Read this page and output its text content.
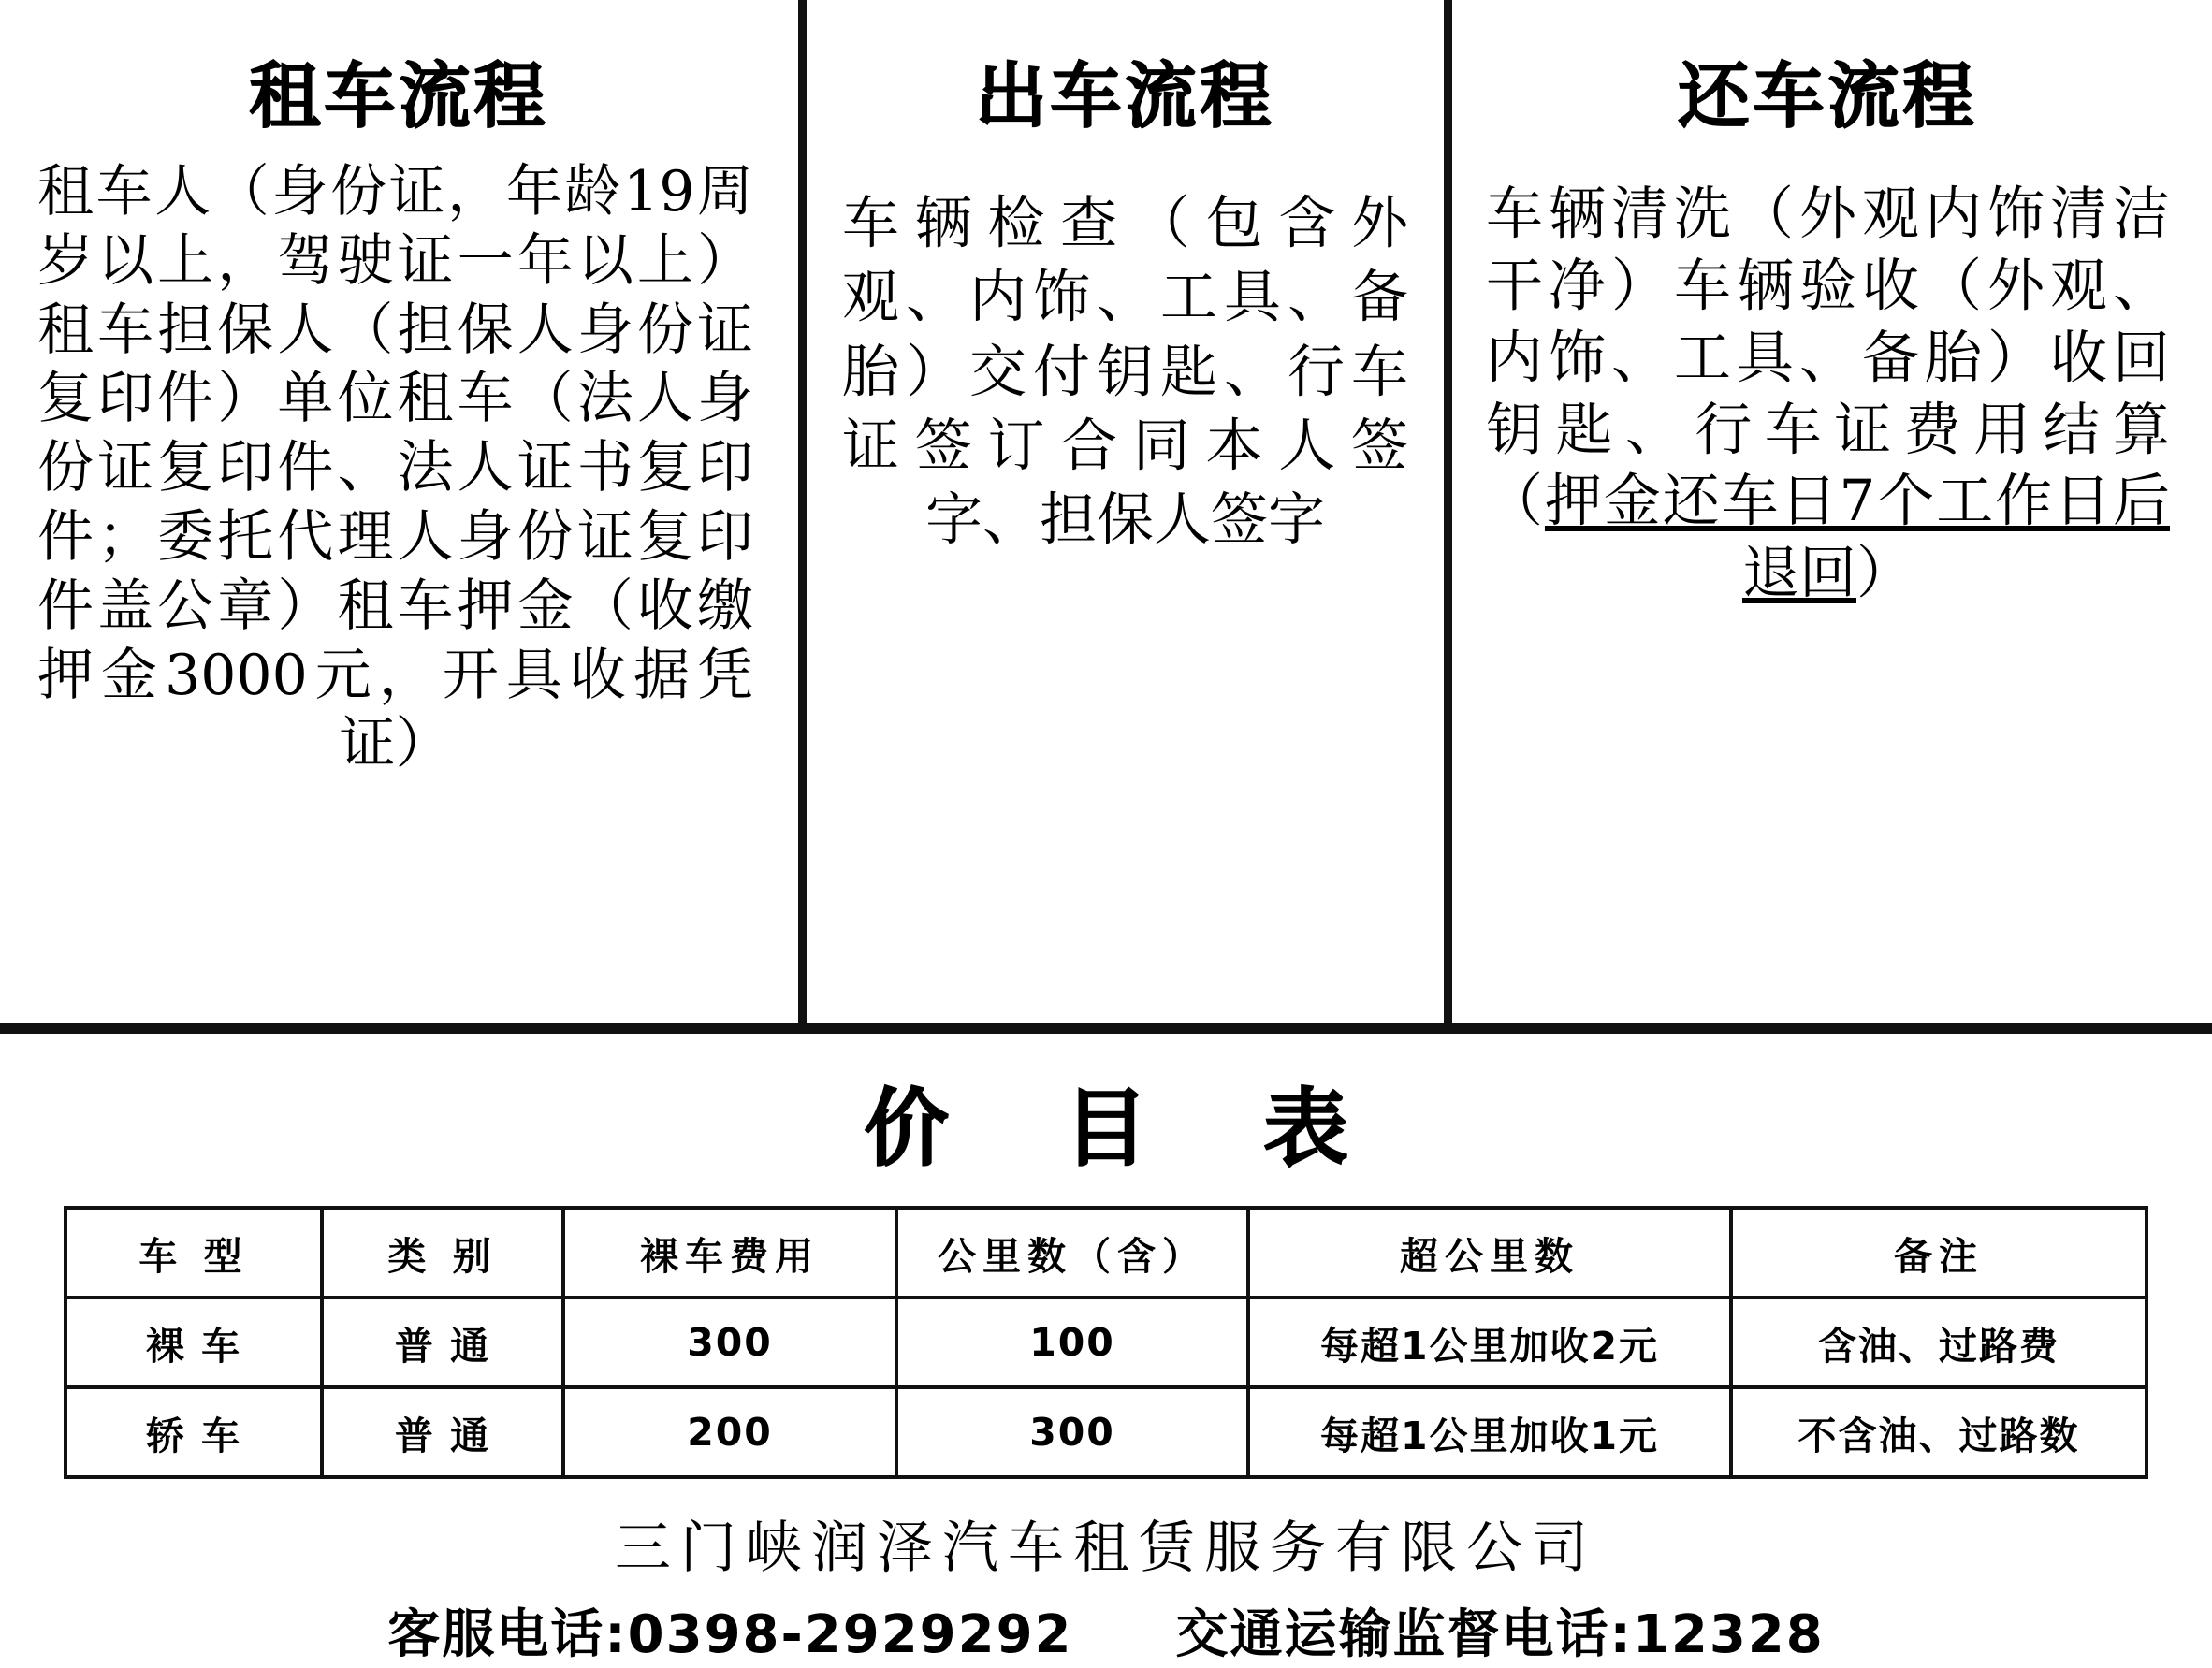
租车流程
租车人（身份证，年龄19周岁以上，驾驶证一年以上）租车担保人（担保人身份证复印件）单位租车（法人身份证复印件、法人证书复印件；委托代理人身份证复印件盖公章）租车押金（收缴押金3000元，开具收据凭证）
出车流程
车辆检查（包含外观、内饰、工具、备胎）交付钥匙、行车证签订合同本人签字、担保人签字
还车流程
车辆清洗（外观内饰清洁干净）车辆验收（外观、内饰、工具、备胎）收回钥匙、行车证费用结算（押金还车日7个工作日后退回）
价 目 表
车 型	类 别	裸车费用	公里数（含）	超公里数	备注
裸 车	普 通	300	100	每超1公里加收2元	含油、过路费
轿 车	普 通	200	300	每超1公里加收1元	不含油、过路数
三门峡润泽汽车租赁服务有限公司
客服电话:0398-2929292 交通运输监督电话:12328
